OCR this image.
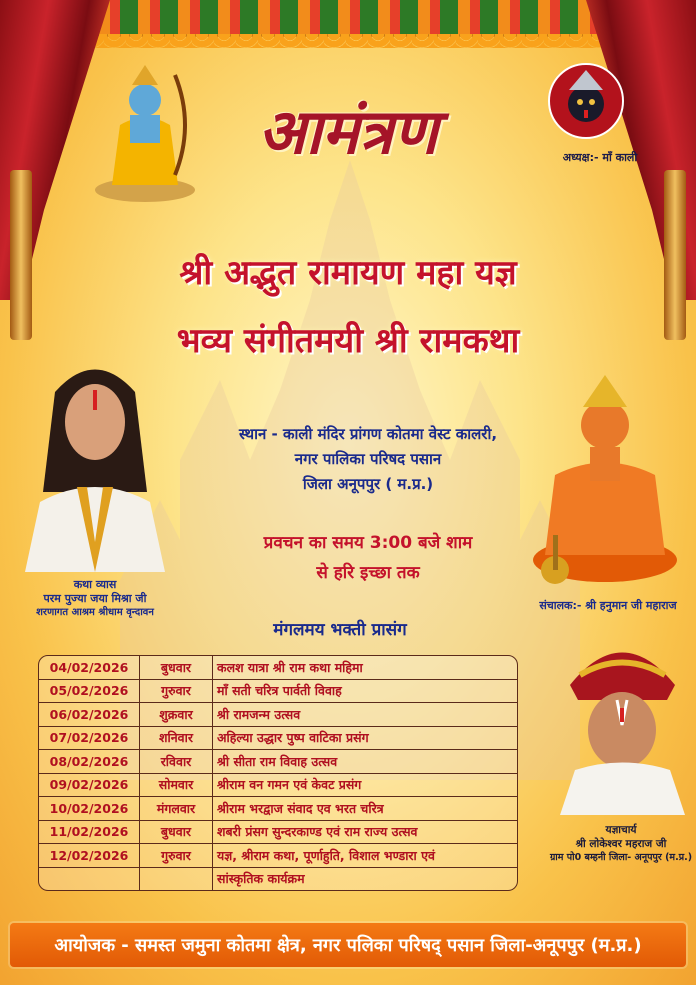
अध्यक्ष:- माँ काली
आमंत्रण
श्री अद्भुत रामायण महा यज्ञ
भव्य संगीतमयी श्री रामकथा
कथा व्यास
परम पुज्या जया मिश्रा जी
शरणागत आश्रम श्रीधाम वृन्दावन
संचालक:- श्री हनुमान जी महाराज
स्थान - काली मंदिर प्रांगण कोतमा वेस्ट कालरी,
नगर पालिका परिषद पसान
जिला अनूपपुर ( म.प्र.)
प्रवचन का समय 3:00 बजे शाम
से हरि इच्छा तक
मंगलमय भक्ती प्रासंग
04/02/2026	बुधवार	कलश यात्रा श्री राम कथा महिमा
05/02/2026	गुरुवार	माँ सती चरित्र पार्वती विवाह
06/02/2026	शुक्रवार	श्री रामजन्म उत्सव
07/02/2026	शनिवार	अहिल्या उद्धार पुष्प वाटिका प्रसंग
08/02/2026	रविवार	श्री सीता राम विवाह उत्सव
09/02/2026	सोमवार	श्रीराम वन गमन एवं केवट प्रसंग
10/02/2026	मंगलवार	श्रीराम भरद्वाज संवाद एव भरत चरित्र
11/02/2026	बुधवार	शबरी प्रंसग सुन्दरकाण्ड एवं राम राज्य उत्सव
12/02/2026	गुरुवार	यज्ञ, श्रीराम कथा, पूर्णाहुति, विशाल भण्डारा एवं
		सांस्कृतिक कार्यक्रम
यज्ञाचार्य
श्री लोकेश्वर महराज जी
ग्राम पो0 बम्हनी जिला- अनूपपुर (म.प्र.)
आयोजक - समस्त जमुना कोतमा क्षेत्र, नगर पलिका परिषद् पसान जिला-अनूपपुर (म.प्र.)
